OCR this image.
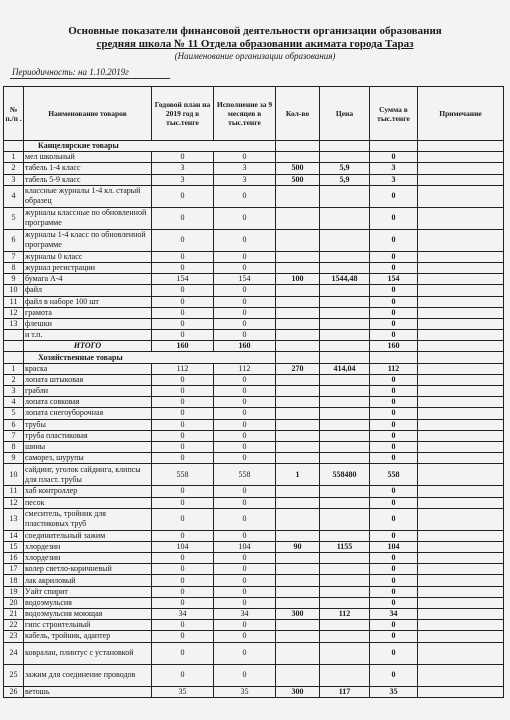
Основные показатели финансовой деятельности организации образования
средняя школа № 11 Отдела образовании акимата города Тараз
(Наименование организации образования)
Периодичность: на 1.10.2019г
№ п./п .	Наименование товаров	Годовой план на 2019 год в тыс.тенге	Исполнение за 9 месяцев в тыс.тенге	Кол-во	Цена	Сумма в тыс.тенге	Примечание
	Канцелярские товары						
1	мел школьный	0	0			0	
2	табель 1-4 класс	3	3	500	5,9	3	
3	табель 5-9 класс	3	3	500	5,9	3	
4	классные журналы 1-4 кл. старый образец	0	0			0	
5	журналы классные по обновленной программе	0	0			0	
6	журналы 1-4 класс по обновленной программе	0	0			0	
7	журналы 0 класс	0	0			0	
8	журнал регистрации	0	0			0	
9	бумага А-4	154	154	100	1544,48	154	
10	файл	0	0			0	
11	файл в наборе 100 шт	0	0			0	
12	грамота	0	0			0	
13	флешки	0	0			0	
	и т.п.	0	0			0	
	ИТОГО	160	160			160	
	Хозяйственные товары						
1	краска	112	112	270	414,04	112	
2	лопата штыковая	0	0			0	
3	грабли	0	0			0	
4	лопата совковая	0	0			0	
5	лопата снегоуборочная	0	0			0	
6	трубы	0	0			0	
7	труба пластиковая	0	0			0	
8	шины	0	0			0	
9	саморез, шурупы	0	0			0	
10	сайдинг, уголок сайдинга, клипсы для пласт. трубы	558	558	1	558480	558	
11	хаб контроллер	0	0			0	
12	песок	0	0			0	
13	смеситель, тройник для пластиковых труб	0	0			0	
14	соединительный зажим	0	0			0	
15	хлордезин	104	104	90	1155	104	
16	хлордезин	0	0			0	
17	колер светло-коричневый	0	0			0	
18	лак акриловый	0	0			0	
19	Уайт спирит	0	0			0	
20	водоэмульсия	0	0			0	
21	водоэмульсия моющая	34	34	300	112	34	
22	гипс строительный	0	0			0	
23	кабель, тройник, адаптер	0	0			0	
24	ковралан, плинтус с установкой	0	0			0	
25	зажим для соединение проводов	0	0			0	
26	ветошь	35	35	300	117	35	
